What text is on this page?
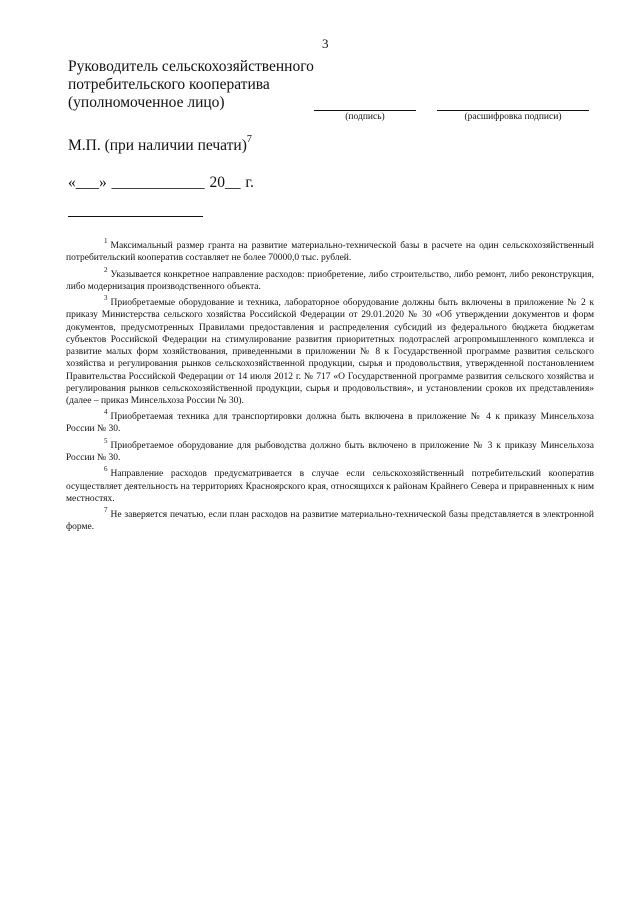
3
Руководитель сельскохозяйственного
потребительского кооператива
(уполномоченное лицо)
(подпись)	(расшифровка подписи)
М.П. (при наличии печати)$^7$
«___» ____________ 20__ г.

$^1$Максимальный размер гранта на развитие материально-технической базы в расчете на один сельскохозяйственный потребительский кооператив составляет не более 70000,0 тыс. рублей.

$^2$Указывается конкретное направление расходов: приобретение, либо строительство, либо ремонт, либо реконструкция, либо модернизация производственного объекта.

$^3$Приобретаемые оборудование и техника, лабораторное оборудование должны быть включены в приложение № 2 к приказу Министерства сельского хозяйства Российской Федерации от 29.01.2020 № 30 «Об утверждении документов и форм документов, предусмотренных Правилами предоставления и распределения субсидий из федерального бюджета бюджетам субъектов Российской Федерации на стимулирование развития приоритетных подотраслей агропромышленного комплекса и развитие малых форм хозяйствования, приведенными в приложении № 8 к Государственной программе развития сельского хозяйства и регулирования рынков сельскохозяйственной продукции, сырья и продовольствия, утвержденной постановлением Правительства Российской Федерации от 14 июля 2012 г. № 717 «О Государственной программе развития сельского хозяйства и регулирования рынков сельскохозяйственной продукции, сырья и продовольствия», и установлении сроков их представления» (далее – приказ Минсельхоза России № 30).

$^4$Приобретаемая техника для транспортировки должна быть включена в приложение № 4 к приказу Минсельхоза России № 30.

$^5$Приобретаемое оборудование для рыбоводства должно быть включено в приложение № 3 к приказу Минсельхоза России № 30.

$^6$Направление расходов предусматривается в случае если сельскохозяйственный потребительский кооператив осуществляет деятельность на территориях Красноярского края, относящихся к районам Крайнего Севера и приравненных к ним местностях.

$^7$Не заверяется печатью, если план расходов на развитие материально-технической базы представляется в электронной форме.
